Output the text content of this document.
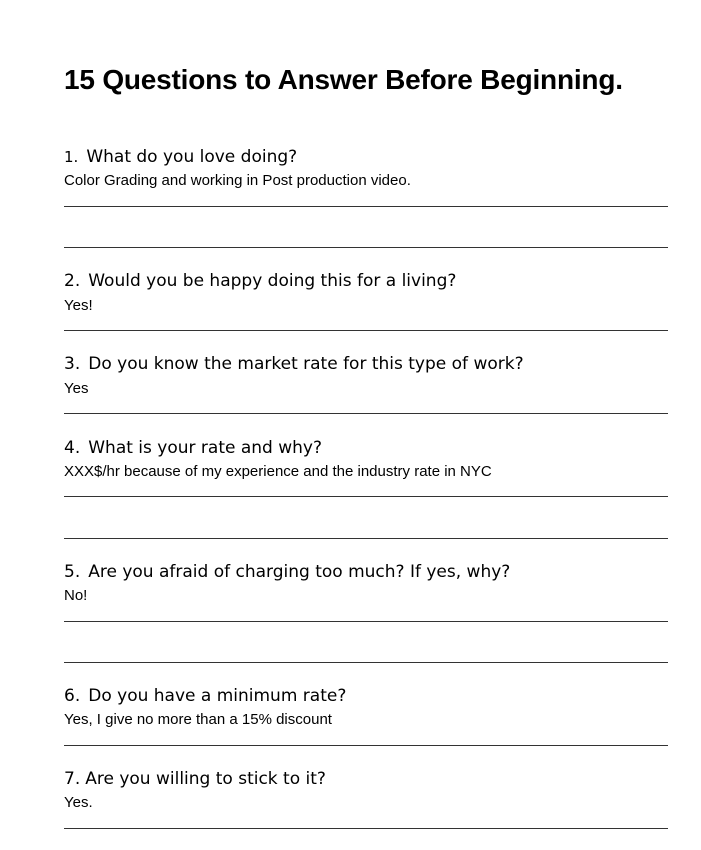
15 Questions to Answer Before Beginning.
1. What do you love doing?
Color Grading and working in Post production video.
2. Would you be happy doing this for a living?
Yes!
3. Do you know the market rate for this type of work?
Yes
4. What is your rate and why?
XXX$/hr because of my experience and the industry rate in NYC
5. Are you afraid of charging too much? If yes, why?
No!
6. Do you have a minimum rate?
Yes, I give no more than a 15% discount
7. Are you willing to stick to it?
Yes.
